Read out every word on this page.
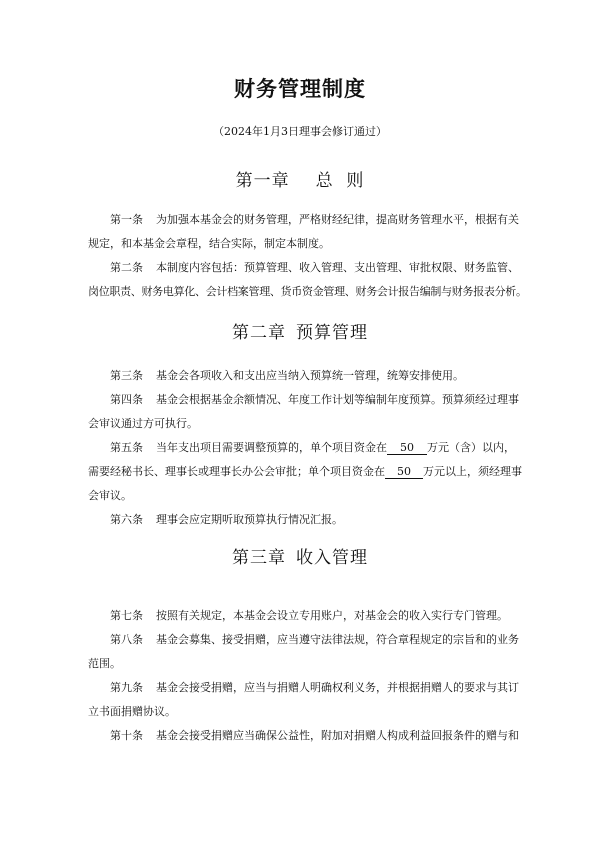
财务管理制度
（2024年1月3日理事会修订通过）
第一章 总  则
第一条 为加强本基金会的财务管理，严格财经纪律，提高财务管理水平，根据有关
规定，和本基金会章程，结合实际，制定本制度。
第二条 本制度内容包括：预算管理、收入管理、支出管理、审批权限、财务监管、
岗位职责、财务电算化、会计档案管理、货币资金管理、财务会计报告编制与财务报表分析。
第二章 预算管理
第三条 基金会各项收入和支出应当纳入预算统一管理，统筹安排使用。
第四条 基金会根据基金余额情况、年度工作计划等编制年度预算。预算须经过理事
会审议通过方可执行。
第五条 当年支出项目需要调整预算的，单个项目资金在 50 万元（含）以内，
需要经秘书长、理事长或理事长办公会审批；单个项目资金在 50 万元以上，须经理事
会审议。
第六条 理事会应定期听取预算执行情况汇报。
第三章 收入管理
第七条 按照有关规定，本基金会设立专用账户，对基金会的收入实行专门管理。
第八条 基金会募集、接受捐赠，应当遵守法律法规，符合章程规定的宗旨和的业务
范围。
第九条 基金会接受捐赠，应当与捐赠人明确权利义务，并根据捐赠人的要求与其订
立书面捐赠协议。
第十条 基金会接受捐赠应当确保公益性，附加对捐赠人构成利益回报条件的赠与和
